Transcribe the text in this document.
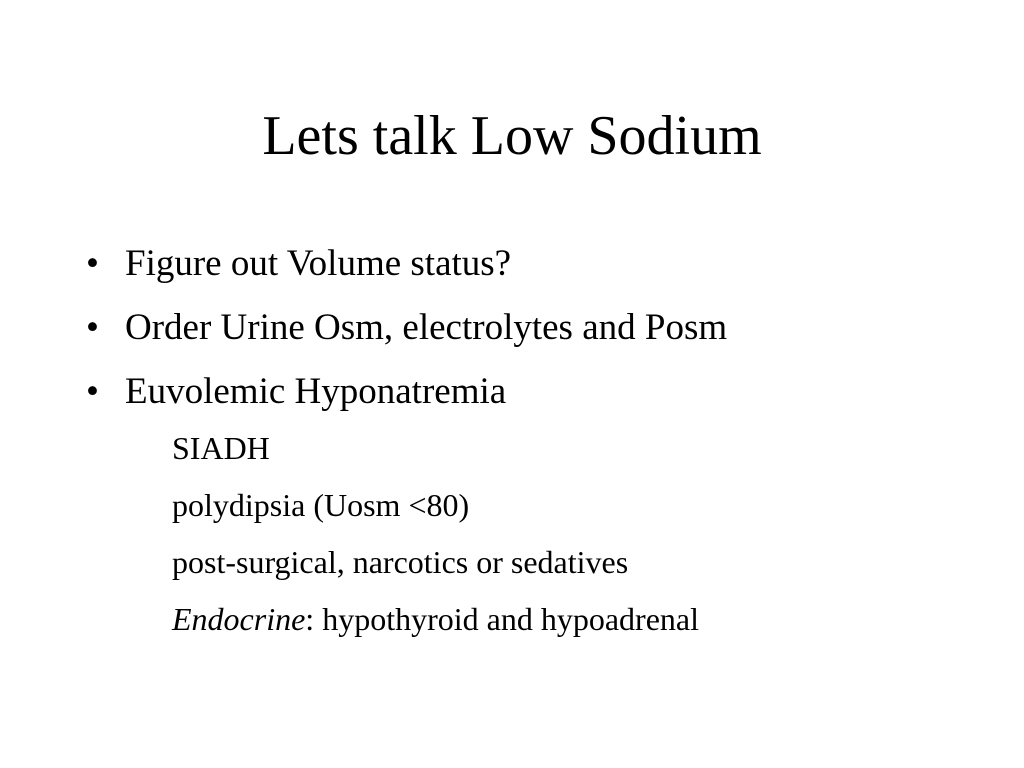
Lets talk Low Sodium
• Figure out Volume status?
• Order Urine Osm, electrolytes and Posm
• Euvolemic Hyponatremia
SIADH
polydipsia (Uosm <80)
post-surgical, narcotics or sedatives
Endocrine: hypothyroid and hypoadrenal
